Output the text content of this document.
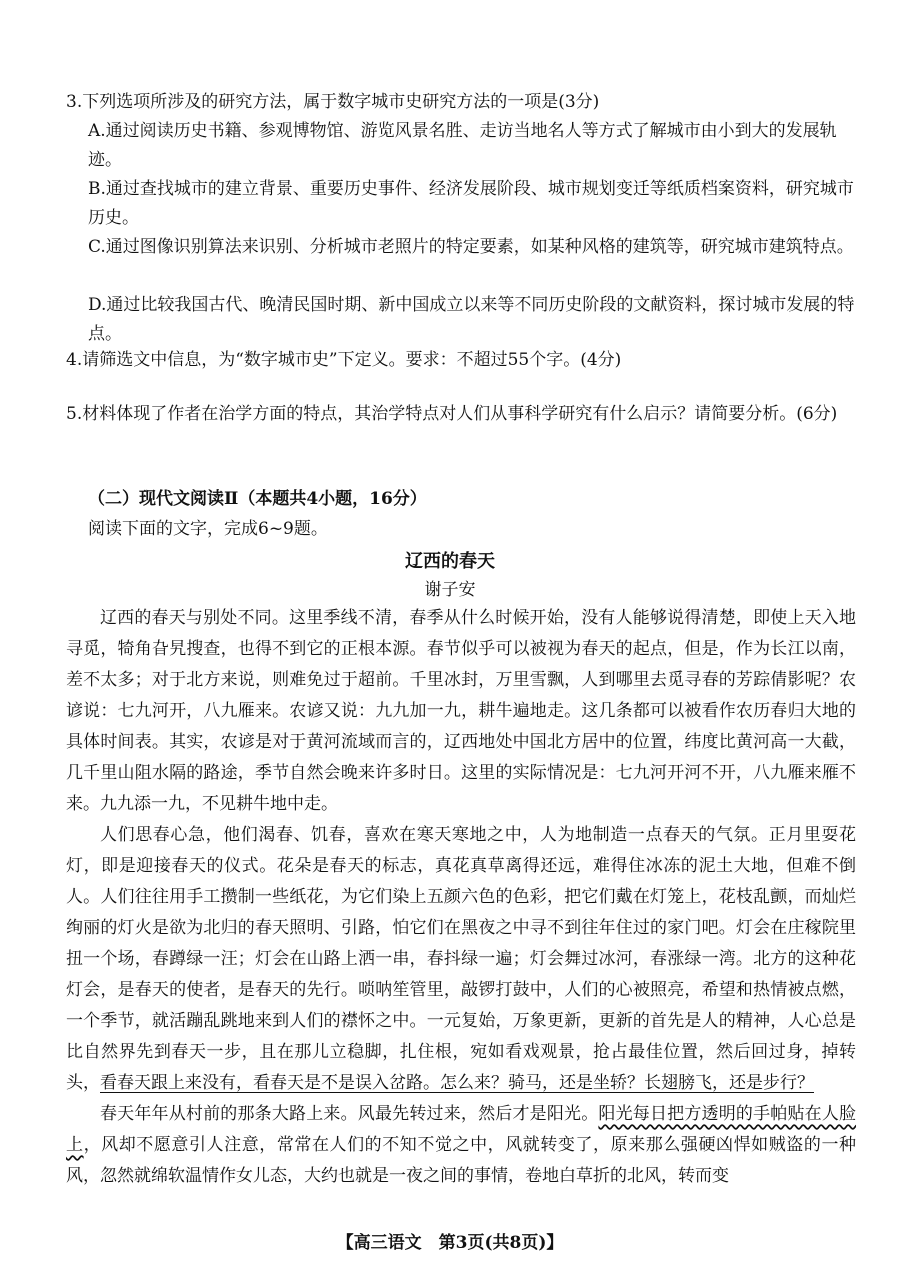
3.下列选项所涉及的研究方法，属于数字城市史研究方法的一项是(3分)
A.通过阅读历史书籍、参观博物馆、游览风景名胜、走访当地名人等方式了解城市由小到大的发展轨迹。
B.通过查找城市的建立背景、重要历史事件、经济发展阶段、城市规划变迁等纸质档案资料，研究城市历史。
C.通过图像识别算法来识别、分析城市老照片的特定要素，如某种风格的建筑等，研究城市建筑特点。
D.通过比较我国古代、晚清民国时期、新中国成立以来等不同历史阶段的文献资料，探讨城市发展的特点。
4.请筛选文中信息，为“数字城市史”下定义。要求：不超过55个字。(4分)
5.材料体现了作者在治学方面的特点，其治学特点对人们从事科学研究有什么启示？请简要分析。(6分)
（二）现代文阅读Ⅱ（本题共4小题，16分）
阅读下面的文字，完成6~9题。
辽西的春天
谢子安

辽西的春天与别处不同。这里季线不清，春季从什么时候开始，没有人能够说得清楚，即使上天入地寻觅，犄角旮旯搜查，也得不到它的正根本源。春节似乎可以被视为春天的起点，但是，作为长江以南，差不太多；对于北方来说，则难免过于超前。千里冰封，万里雪飘，人到哪里去觅寻春的芳踪倩影呢？农谚说：七九河开，八九雁来。农谚又说：九九加一九，耕牛遍地走。这几条都可以被看作农历春归大地的具体时间表。其实，农谚是对于黄河流域而言的，辽西地处中国北方居中的位置，纬度比黄河高一大截，几千里山阻水隔的路途，季节自然会晚来许多时日。这里的实际情况是：七九河开河不开，八九雁来雁不来。九九添一九，不见耕牛地中走。

人们思春心急，他们渴春、饥春，喜欢在寒天寒地之中，人为地制造一点春天的气氛。正月里耍花灯，即是迎接春天的仪式。花朵是春天的标志，真花真草离得还远，难得住冰冻的泥土大地，但难不倒人。人们往往用手工攒制一些纸花，为它们染上五颜六色的色彩，把它们戴在灯笼上，花枝乱颤，而灿烂绚丽的灯火是欲为北归的春天照明、引路，怕它们在黑夜之中寻不到往年住过的家门吧。灯会在庄稼院里扭一个场，春蹲绿一汪；灯会在山路上洒一串，春抖绿一遍；灯会舞过冰河，春涨绿一湾。北方的这种花灯会，是春天的使者，是春天的先行。唢呐笙管里，敲锣打鼓中，人们的心被照亮，希望和热情被点燃，一个季节，就活蹦乱跳地来到人们的襟怀之中。一元复始，万象更新，更新的首先是人的精神，人心总是比自然界先到春天一步，且在那儿立稳脚，扎住根，宛如看戏观景，抢占最佳位置，然后回过身，掉转头，看春天跟上来没有，看春天是不是误入岔路。怎么来？骑马，还是坐轿？长翅膀飞，还是步行？

春天年年从村前的那条大路上来。风最先转过来，然后才是阳光。阳光每日把方透明的手帕贴在人脸上，风却不愿意引人注意，常常在人们的不知不觉之中，风就转变了，原来那么强硬凶悍如贼盗的一种风，忽然就绵软温情作女儿态，大约也就是一夜之间的事情，卷地白草折的北风，转而变

【高三语文　第3页(共8页)】
